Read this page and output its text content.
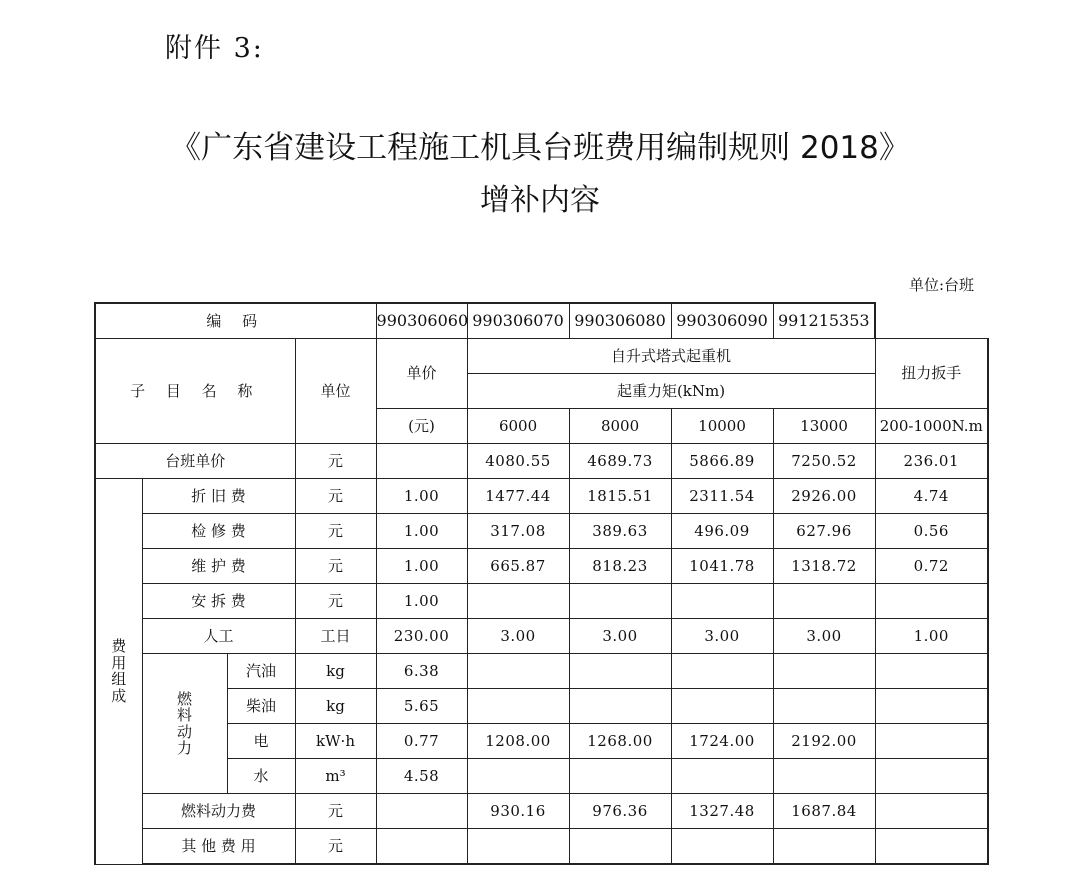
附件 3:
《广东省建设工程施工机具台班费用编制规则 2018》
增补内容
单位:台班
编 码				990306060	990306070	990306080	990306090	991215353	
子 目 名 称			单位	单价	自升式塔式起重机				扭力扳手
					起重力矩(kNm)				
				(元)	6000	8000	10000	13000	200-1000N.m
台班单价			元		4080.55	4689.73	5866.89	7250.52	236.01
费
用
组
成	折 旧 费		元	1.00	1477.44	1815.51	2311.54	2926.00	4.74
	检 修 费		元	1.00	317.08	389.63	496.09	627.96	0.56
	维 护 费		元	1.00	665.87	818.23	1041.78	1318.72	0.72
	安 拆 费		元	1.00					
	人工		工日	230.00	3.00	3.00	3.00	3.00	1.00
	燃
料
动
力	汽油	kg	6.38					
		柴油	kg	5.65					
		电	kW·h	0.77	1208.00	1268.00	1724.00	2192.00	
		水	m³	4.58					
	燃料动力费		元		930.16	976.36	1327.48	1687.84	
	其 他 费 用		元						
